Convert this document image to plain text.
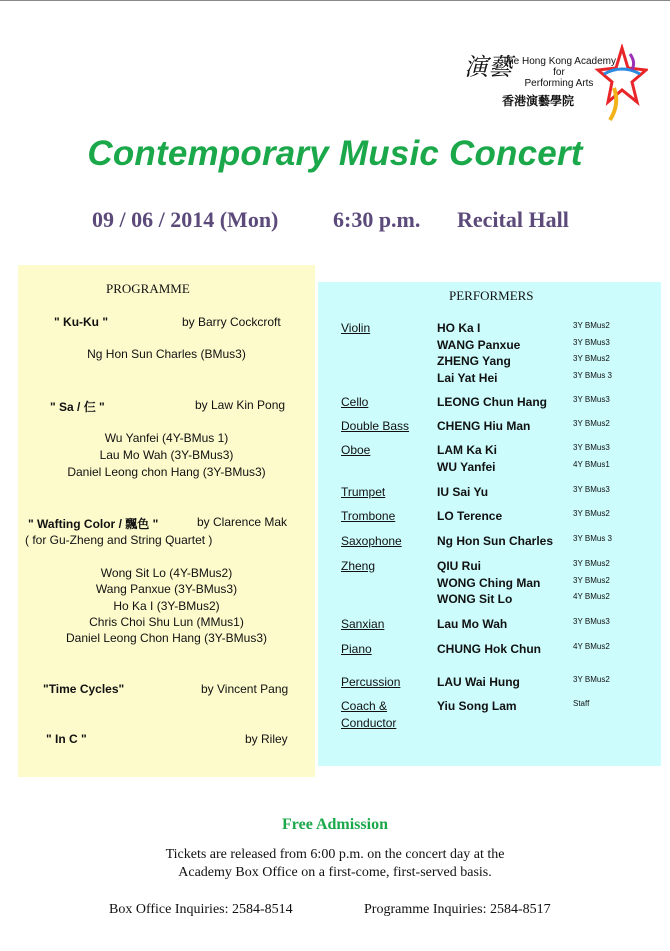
演藝
The Hong Kong Academy
for
Performing Arts
香港演藝學院
Contemporary Music Concert
09 / 06 / 2014 (Mon) 6:30 p.m. Recital Hall
PROGRAMME
" Ku-Ku "	by Barry Cockcroft
Ng Hon Sun Charles (BMus3)
" Sa / 仨 "	by Law Kin Pong
Wu Yanfei (4Y-BMus 1)
Lau Mo Wah (3Y-BMus3)
Daniel Leong chon Hang (3Y-BMus3)
" Wafting Color / 飄色 "	by Clarence Mak
( for Gu-Zheng and String Quartet )
Wong Sit Lo (4Y-BMus2)
Wang Panxue (3Y-BMus3)
Ho Ka I (3Y-BMus2)
Chris Choi Shu Lun (MMus1)
Daniel Leong Chon Hang (3Y-BMus3)
"Time Cycles"	by Vincent Pang
" In C "	by Riley
PERFORMERS
Violin	HO Ka I	3Y BMus2
WANG Panxue	3Y BMus3
ZHENG Yang	3Y BMus2
Lai Yat Hei	3Y BMus 3
Cello	LEONG Chun Hang	3Y BMus3
Double Bass CHENG Hiu Man	3Y BMus2
Oboe	LAM Ka Ki	3Y BMus3
WU Yanfei	4Y BMus1
Trumpet	IU Sai Yu	3Y BMus3
Trombone	LO Terence	3Y BMus2
Saxophone	Ng Hon Sun Charles 3Y BMus 3
Zheng	QIU Rui	3Y BMus2
WONG Ching Man	3Y BMus2
WONG Sit Lo	4Y BMus2
Sanxian	Lau Mo Wah	3Y BMus3
Piano	CHUNG Hok Chun	4Y BMus2
Percussion	LAU Wai Hung	3Y BMus2
Coach &
Conductor
Yiu Song Lam	Staff
Free Admission
Tickets are released from 6:00 p.m. on the concert day at the
Academy Box Office on a first-come, first-served basis.
Box Office Inquiries: 2584-8514	Programme Inquiries: 2584-8517
